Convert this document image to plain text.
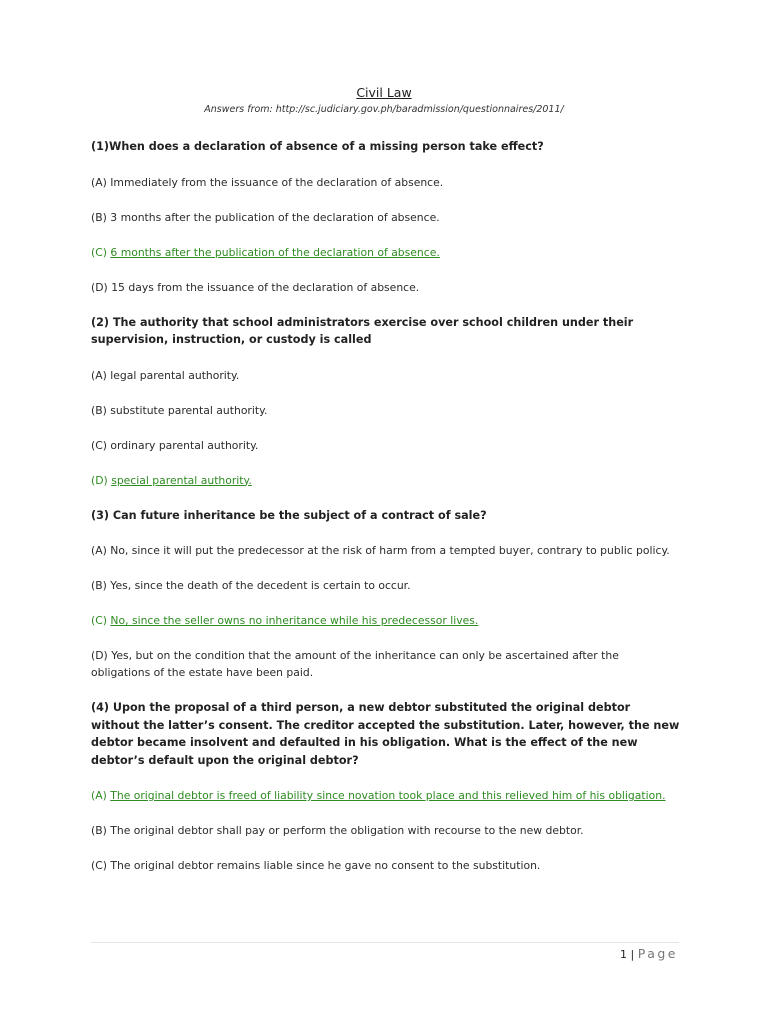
Civil Law
Answers from: http://sc.judiciary.gov.ph/baradmission/questionnaires/2011/
(1)When does a declaration of absence of a missing person take effect?
(A) Immediately from the issuance of the declaration of absence.
(B) 3 months after the publication of the declaration of absence.
(C) 6 months after the publication of the declaration of absence.
(D) 15 days from the issuance of the declaration of absence.
(2) The authority that school administrators exercise over school children under their supervision, instruction, or custody is called
(A) legal parental authority.
(B) substitute parental authority.
(C) ordinary parental authority.
(D) special parental authority.
(3) Can future inheritance be the subject of a contract of sale?
(A) No, since it will put the predecessor at the risk of harm from a tempted buyer, contrary to public policy.
(B) Yes, since the death of the decedent is certain to occur.
(C) No, since the seller owns no inheritance while his predecessor lives.
(D) Yes, but on the condition that the amount of the inheritance can only be ascertained after the obligations of the estate have been paid.
(4) Upon the proposal of a third person, a new debtor substituted the original debtor without the latter’s consent. The creditor accepted the substitution. Later, however, the new debtor became insolvent and defaulted in his obligation. What is the effect of the new debtor’s default upon the original debtor?
(A) The original debtor is freed of liability since novation took place and this relieved him of his obligation.
(B) The original debtor shall pay or perform the obligation with recourse to the new debtor.
(C) The original debtor remains liable since he gave no consent to the substitution.
1 | Page
